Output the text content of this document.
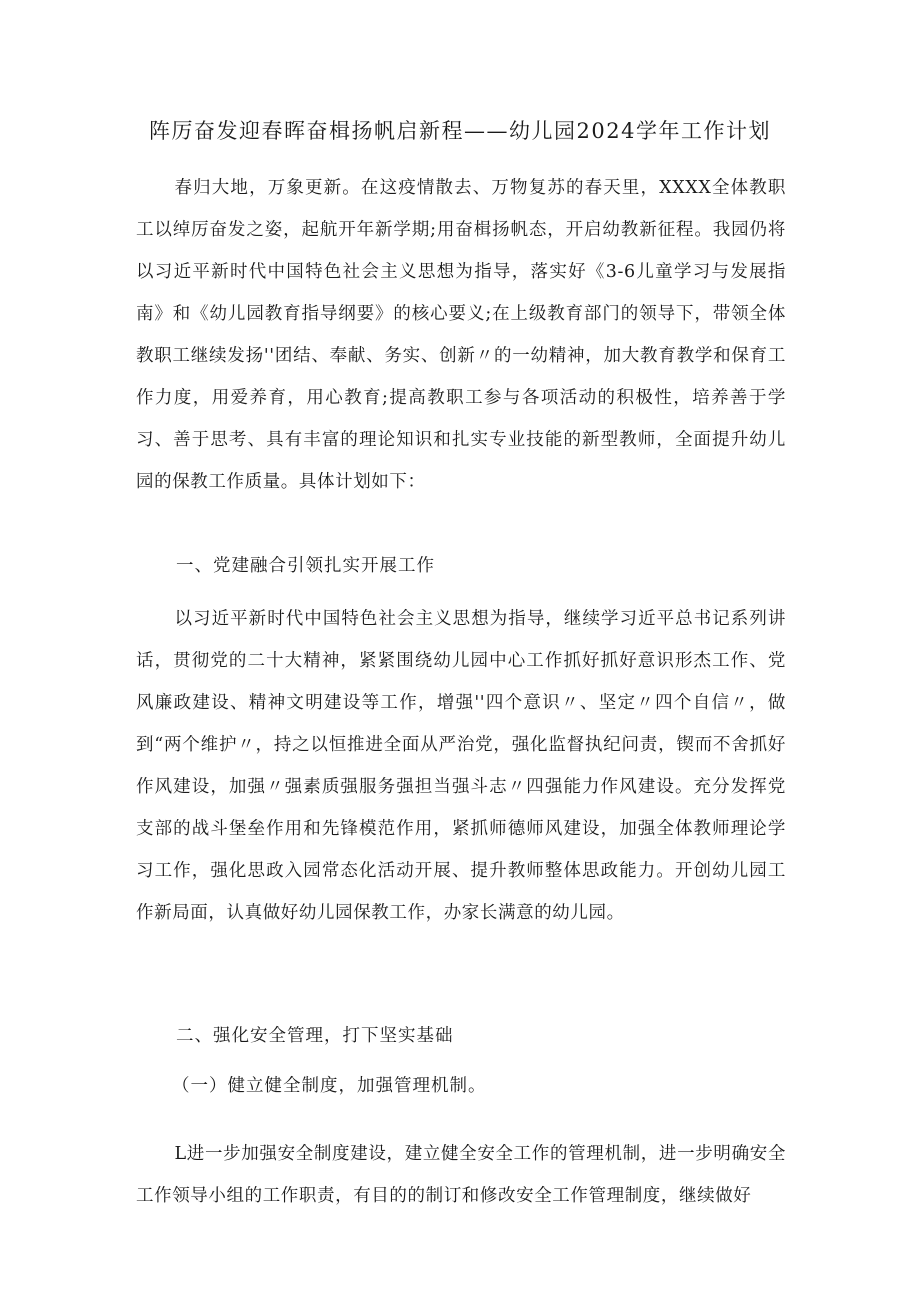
阵厉奋发迎春晖奋楫扬帆启新程——幼儿园2024学年工作计划

春归大地，万象更新。在这疫情散去、万物复苏的春天里，XXXX全体教职工以绰厉奋发之姿，起航开年新学期;用奋楫扬帆态，开启幼教新征程。我园仍将以习近平新时代中国特色社会主义思想为指导，落实好《3-6儿童学习与发展指南》和《幼儿园教育指导纲要》的核心要义;在上级教育部门的领导下，带领全体教职工继续发扬''团结、奉献、务实、创新〃的一幼精神，加大教育教学和保育工作力度，用爱养育，用心教育;提高教职工参与各项活动的积极性，培养善于学习、善于思考、具有丰富的理论知识和扎实专业技能的新型教师，全面提升幼儿园的保教工作质量。具体计划如下：

一、党建融合引领扎实开展工作

以习近平新时代中国特色社会主义思想为指导，继续学习近平总书记系列讲话，贯彻党的二十大精神，紧紧围绕幼儿园中心工作抓好抓好意识形杰工作、党风廉政建设、精神文明建设等工作，增强''四个意识〃、坚定〃四个自信〃，做到“两个维护〃，持之以恒推进全面从严治党，强化监督执纪问责，锲而不舍抓好作风建设，加强〃强素质强服务强担当强斗志〃四强能力作风建设。充分发挥党支部的战斗堡垒作用和先锋模范作用，紧抓师德师风建设，加强全体教师理论学习工作，强化思政入园常态化活动开展、提升教师整体思政能力。开创幼儿园工作新局面，认真做好幼儿园保教工作，办家长满意的幼儿园。

二、强化安全管理，打下坚实基础

（一）健立健全制度，加强管理机制。

L进一步加强安全制度建设，建立健全安全工作的管理机制，进一步明确安全工作领导小组的工作职责，有目的的制订和修改安全工作管理制度，继续做好
